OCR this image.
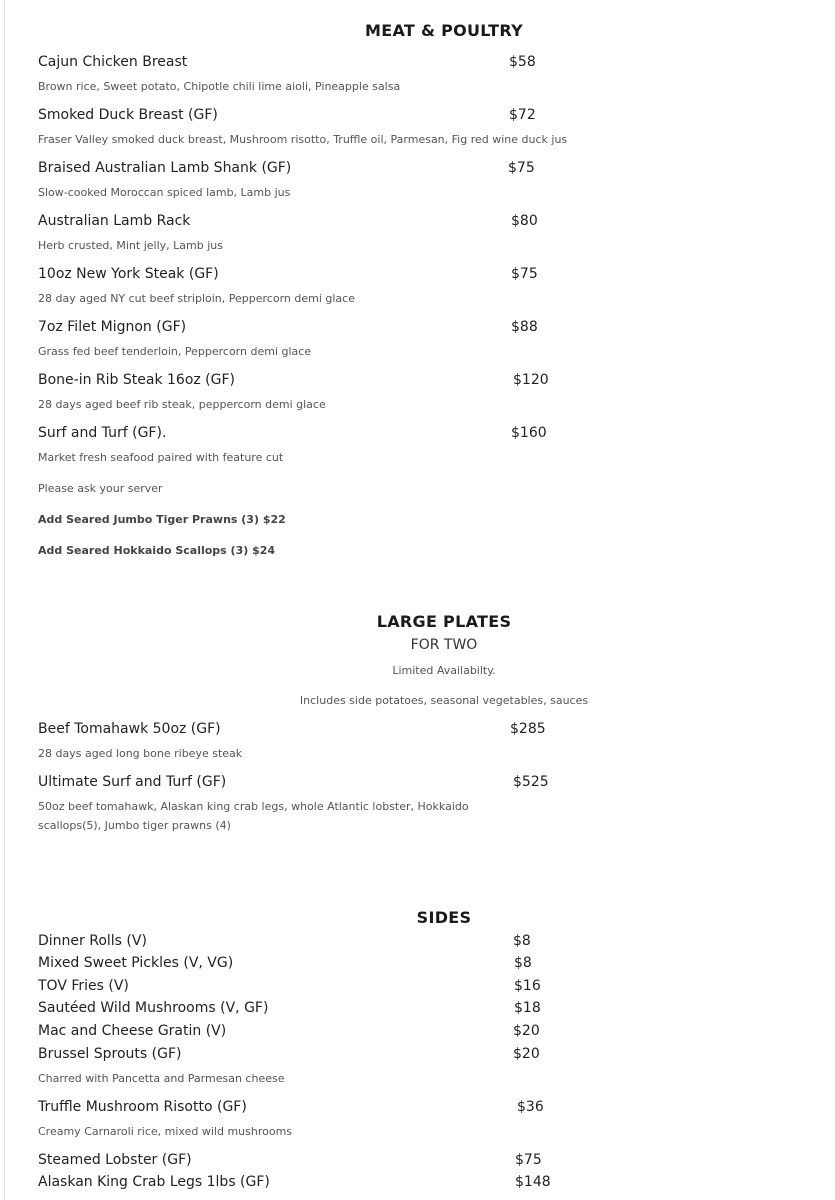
MEAT & POULTRY
Cajun Chicken Breast	$58
Brown rice, Sweet potato, Chipotle chili lime aioli, Pineapple salsa
Smoked Duck Breast (GF)	$72
Fraser Valley smoked duck breast, Mushroom risotto, Truffle oil, Parmesan, Fig red wine duck jus
Braised Australian Lamb Shank (GF)	$75
Slow-cooked Moroccan spiced lamb, Lamb jus
Australian Lamb Rack	$80
Herb crusted, Mint jelly, Lamb jus
10oz New York Steak (GF)	$75
28 day aged NY cut beef striploin, Peppercorn demi glace
7oz Filet Mignon (GF)	$88
Grass fed beef tenderloin, Peppercorn demi glace
Bone-in Rib Steak 16oz (GF)	$120
28 days aged beef rib steak, peppercorn demi glace
Surf and Turf (GF).	$160
Market fresh seafood paired with feature cut
Please ask your server
Add Seared Jumbo Tiger Prawns (3) $22
Add Seared Hokkaido Scallops (3) $24
LARGE PLATES
FOR TWO
Limited Availabilty.
Includes side potatoes, seasonal vegetables, sauces
Beef Tomahawk 50oz (GF)	$285
28 days aged long bone ribeye steak
Ultimate Surf and Turf (GF)	$525
50oz beef tomahawk, Alaskan king crab legs, whole Atlantic lobster, Hokkaido scallops(5), Jumbo tiger prawns (4)
SIDES
Dinner Rolls (V)	$8
Mixed Sweet Pickles (V, VG)	$8
TOV Fries (V)	$16
Sautéed Wild Mushrooms (V, GF)	$18
Mac and Cheese Gratin (V)	$20
Brussel Sprouts (GF)	$20
Charred with Pancetta and Parmesan cheese
Truffle Mushroom Risotto (GF)	$36
Creamy Carnaroli rice, mixed wild mushrooms
Steamed Lobster (GF)	$75
Alaskan King Crab Legs 1lbs (GF)	$148
